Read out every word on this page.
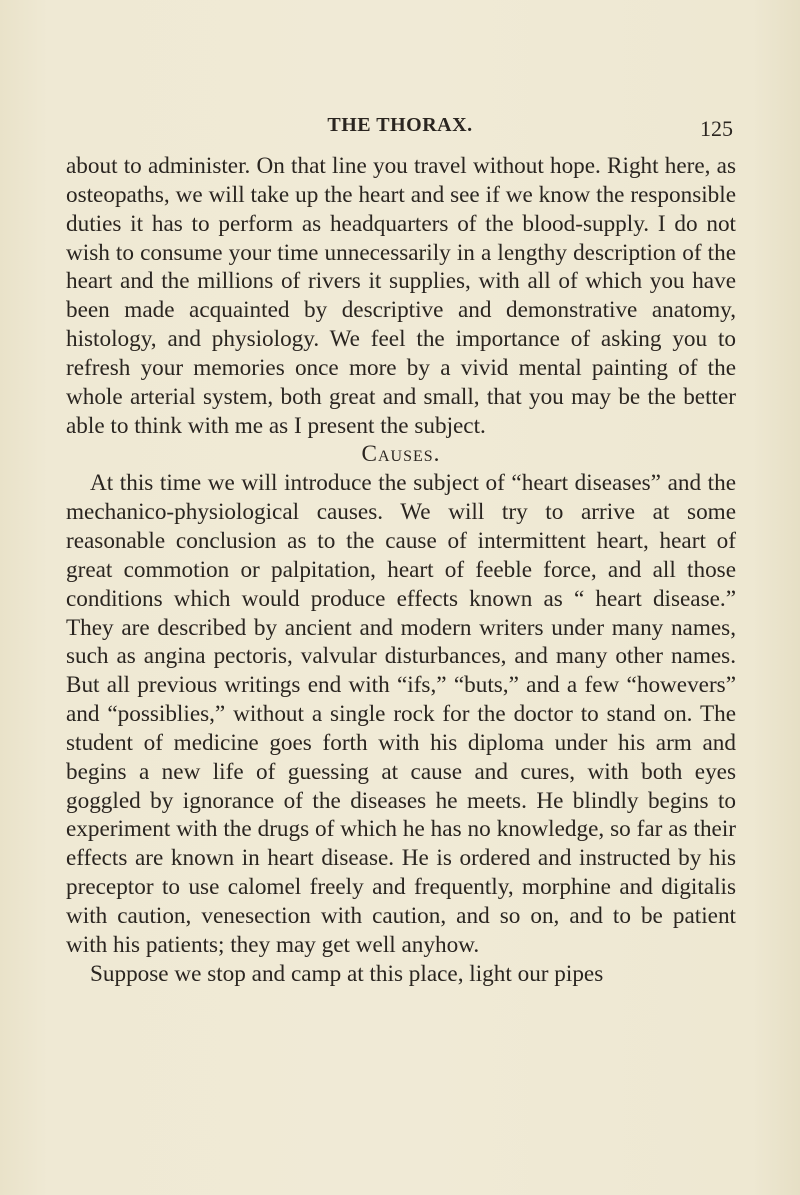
THE THORAX.	125

about to administer. On that line you travel without hope. Right here, as osteopaths, we will take up the heart and see if we know the responsible duties it has to perform as headquarters of the blood-supply. I do not wish to consume your time unnecessarily in a lengthy description of the heart and the millions of rivers it supplies, with all of which you have been made acquainted by descriptive and demonstrative anatomy, histology, and physiology. We feel the importance of asking you to refresh your memories once more by a vivid mental painting of the whole arterial system, both great and small, that you may be the better able to think with me as I present the subject.

Causes.

At this time we will introduce the subject of “heart diseases” and the mechanico-physiological causes. We will try to arrive at some reasonable conclusion as to the cause of intermittent heart, heart of great commotion or palpitation, heart of feeble force, and all those conditions which would produce effects known as “ heart disease.” They are described by ancient and modern writers under many names, such as angina pectoris, valvular disturbances, and many other names. But all previous writings end with “ifs,” “buts,” and a few “howevers” and “possiblies,” without a single rock for the doctor to stand on. The student of medicine goes forth with his diploma under his arm and begins a new life of guessing at cause and cures, with both eyes goggled by ignorance of the diseases he meets. He blindly begins to experiment with the drugs of which he has no knowledge, so far as their effects are known in heart disease. He is ordered and instructed by his preceptor to use calomel freely and frequently, morphine and digitalis with caution, venesection with caution, and so on, and to be patient with his patients; they may get well anyhow.

Suppose we stop and camp at this place, light our pipes
